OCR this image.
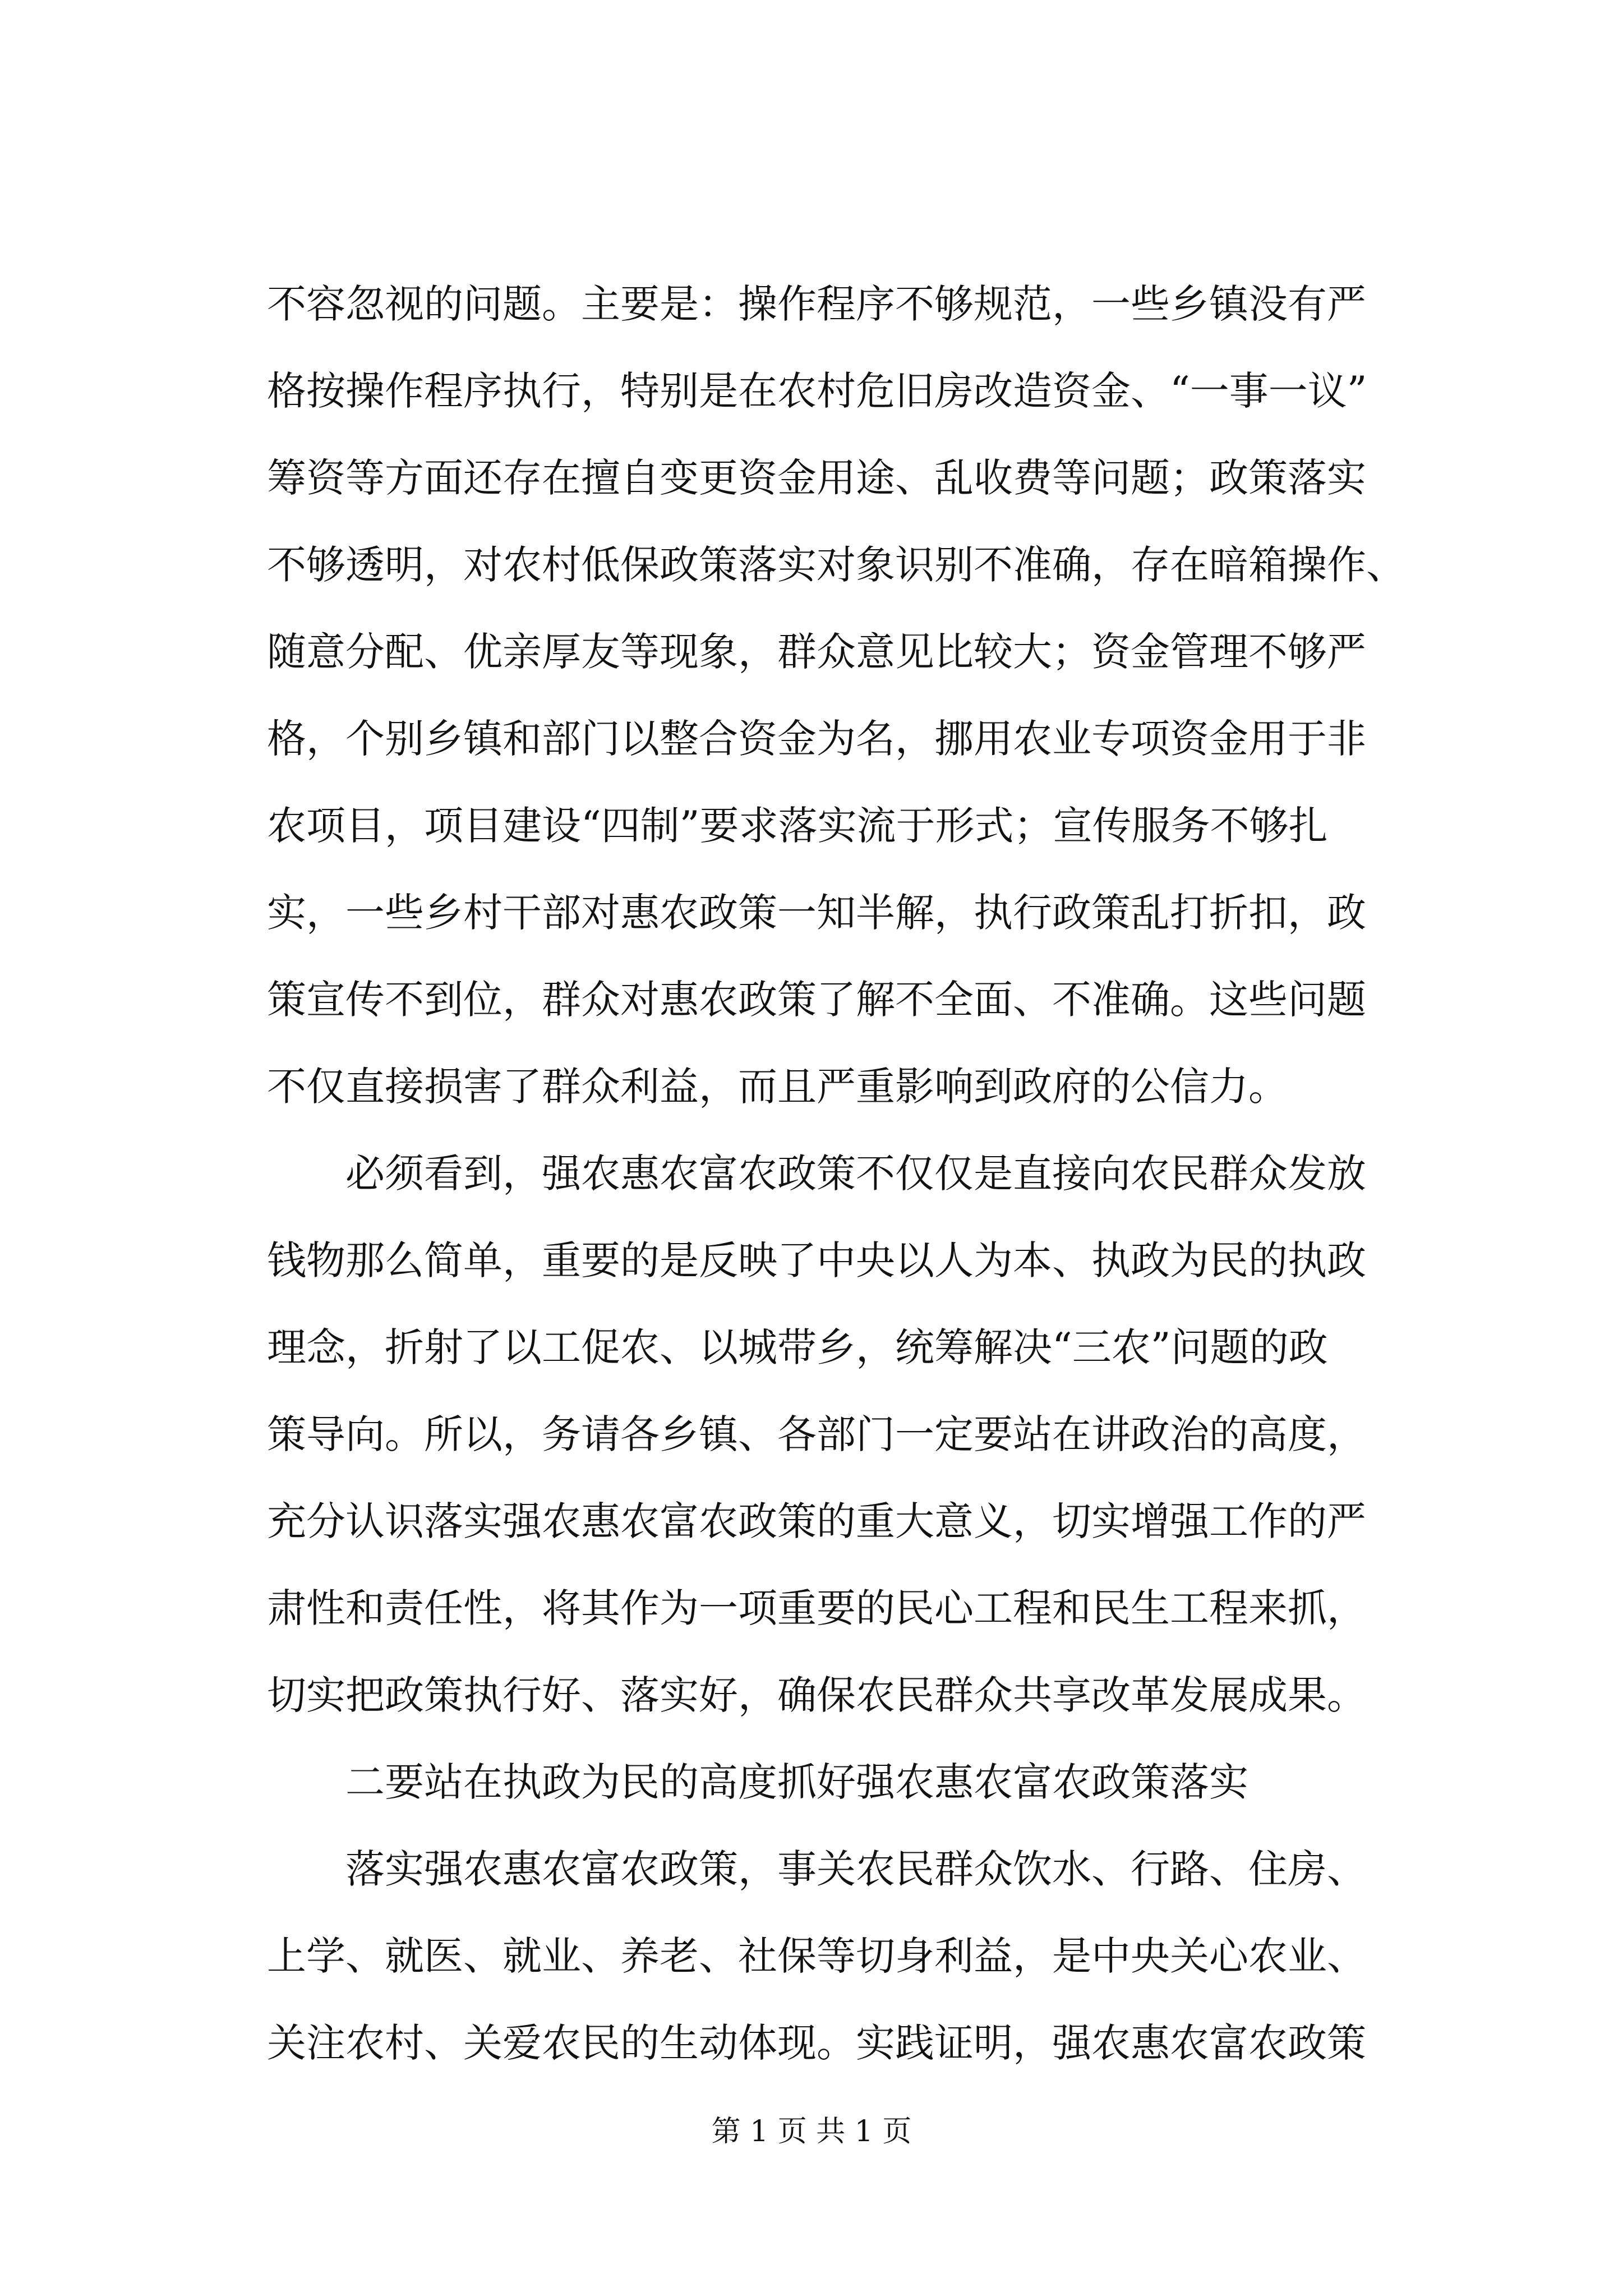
不容忽视的问题。主要是：操作程序不够规范，一些乡镇没有严
格按操作程序执行，特别是在农村危旧房改造资金、“一事一议”
筹资等方面还存在擅自变更资金用途、乱收费等问题；政策落实
不够透明，对农村低保政策落实对象识别不准确，存在暗箱操作、
随意分配、优亲厚友等现象，群众意见比较大；资金管理不够严
格，个别乡镇和部门以整合资金为名，挪用农业专项资金用于非
农项目，项目建设“四制”要求落实流于形式；宣传服务不够扎
实，一些乡村干部对惠农政策一知半解，执行政策乱打折扣，政
策宣传不到位，群众对惠农政策了解不全面、不准确。这些问题
不仅直接损害了群众利益，而且严重影响到政府的公信力。
必须看到，强农惠农富农政策不仅仅是直接向农民群众发放
钱物那么简单，重要的是反映了中央以人为本、执政为民的执政
理念，折射了以工促农、以城带乡，统筹解决“三农”问题的政
策导向。所以，务请各乡镇、各部门一定要站在讲政治的高度，
充分认识落实强农惠农富农政策的重大意义，切实增强工作的严
肃性和责任性，将其作为一项重要的民心工程和民生工程来抓，
切实把政策执行好、落实好，确保农民群众共享改革发展成果。
二要站在执政为民的高度抓好强农惠农富农政策落实
落实强农惠农富农政策，事关农民群众饮水、行路、住房、
上学、就医、就业、养老、社保等切身利益，是中央关心农业、
关注农村、关爱农民的生动体现。实践证明，强农惠农富农政策
第 1 页 共 1 页
